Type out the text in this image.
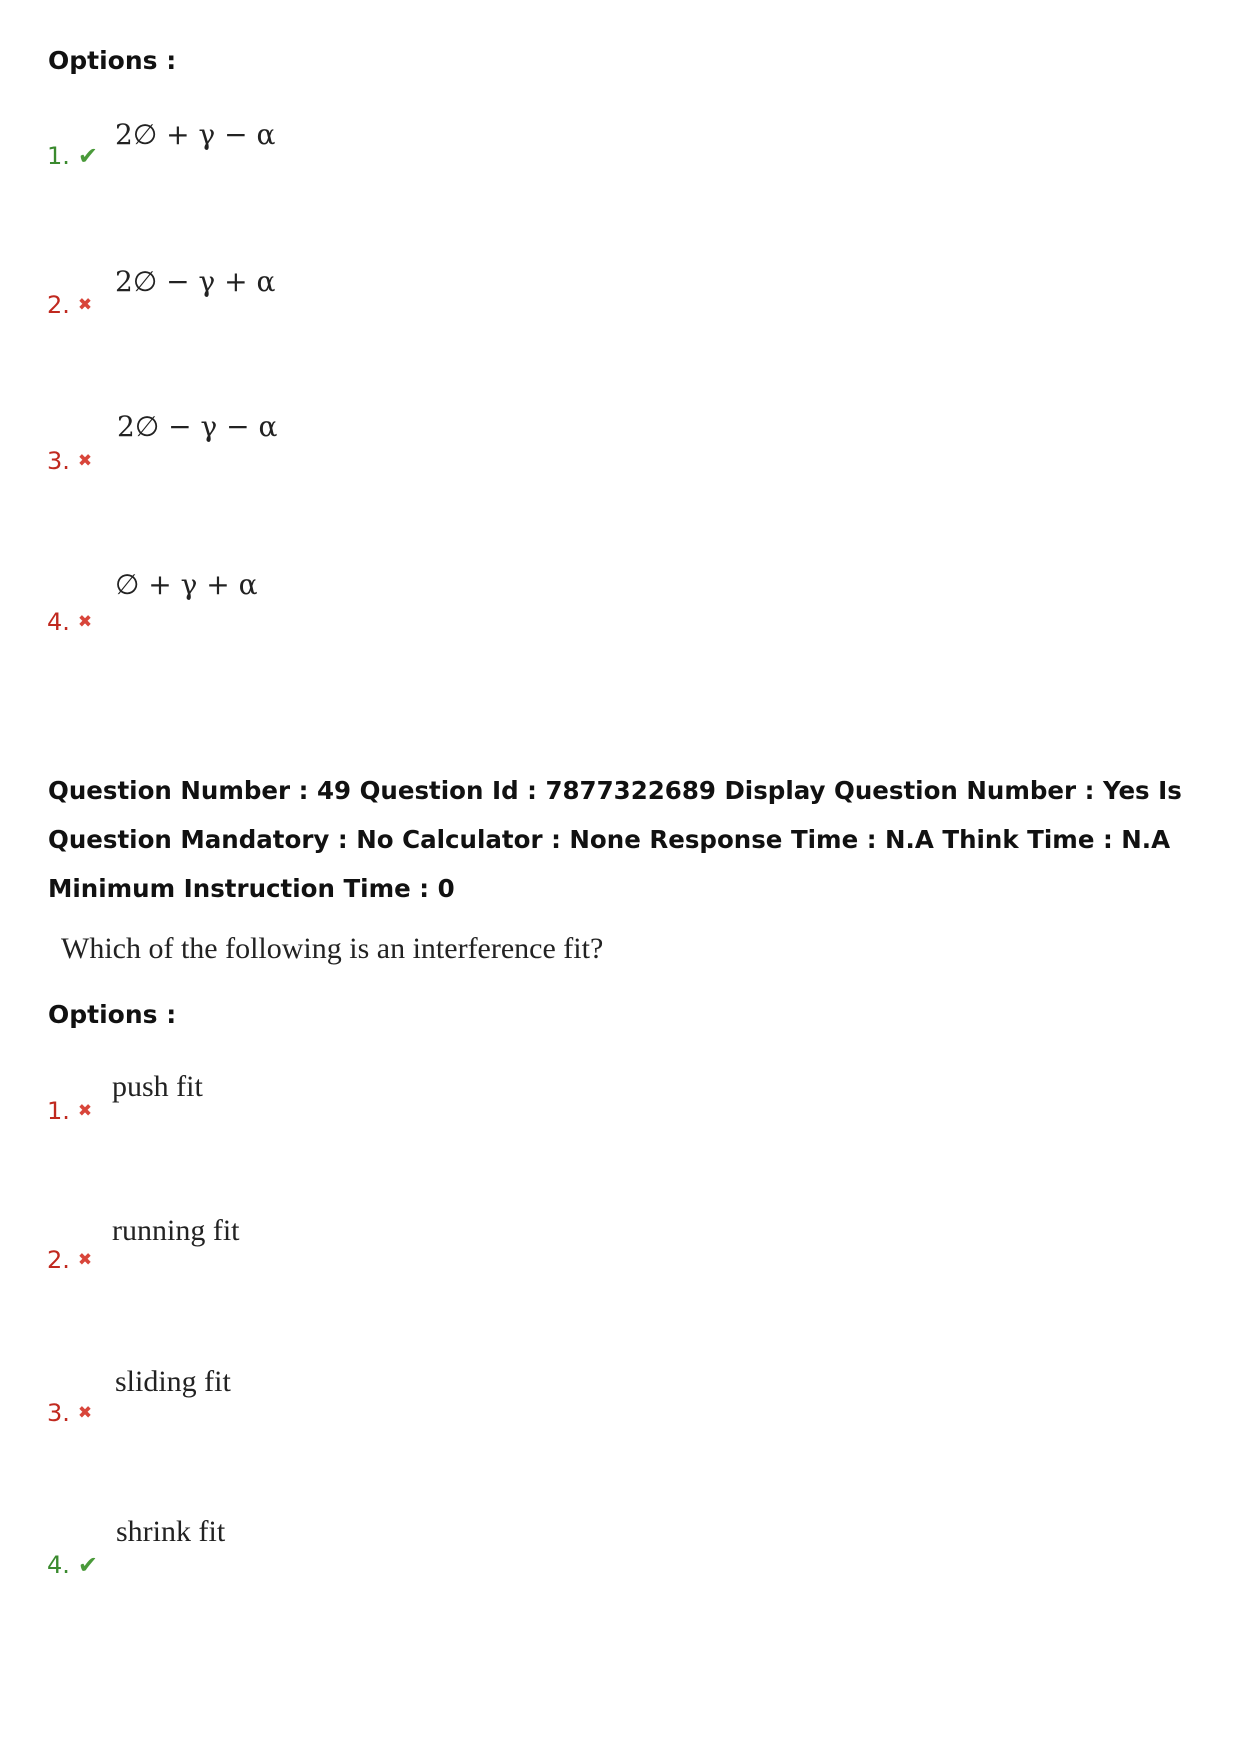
Options :
1. ✔
2∅ + γ − α
2. ✖
2∅ − γ + α
3. ✖
2∅ − γ − α
4. ✖
∅ + γ + α
Question Number : 49 Question Id : 7877322689 Display Question Number : Yes Is Question Mandatory : No Calculator : None Response Time : N.A Think Time : N.A Minimum Instruction Time : 0
Which of the following is an interference fit?
Options :
1. ✖
push fit
2. ✖
running fit
3. ✖
sliding fit
4. ✔
shrink fit
